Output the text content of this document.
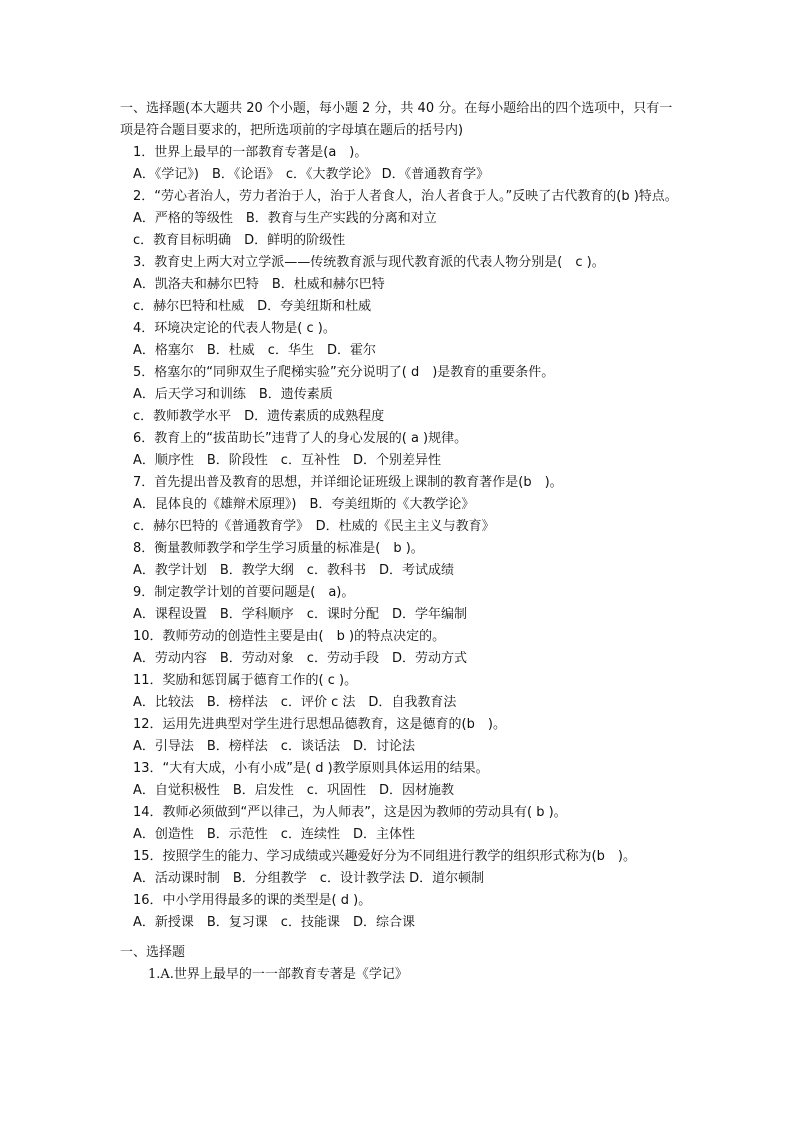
一、选择题(本大题共 20 个小题，每小题 2 分，共 40 分。在每小题给出的四个选项中，只有一项是符合题目要求的，把所选项前的字母填在题后的括号内)

1．世界上最早的一部教育专著是(a　)。

A．《学记》)　B．《论语》　c．《大教学论》 D．《普通教育学》

2．“劳心者治人，劳力者治于人，治于人者食人，治人者食于人。”反映了古代教育的(b )特点。

A．严格的等级性　B．教育与生产实践的分离和对立

c．教育目标明确　D．鲜明的阶级性

3．教育史上两大对立学派——传统教育派与现代教育派的代表人物分别是(　c )。

A．凯洛夫和赫尔巴特　B．杜威和赫尔巴特

c．赫尔巴特和杜威　D．夸美纽斯和杜威

4．环境决定论的代表人物是( c )。

A．格塞尔　B．杜威　c．华生　D．霍尔

5．格塞尔的“同卵双生子爬梯实验”充分说明了( d　)是教育的重要条件。

A．后天学习和训练　B．遗传素质

c．教师教学水平　D．遗传素质的成熟程度

6．教育上的“拔苗助长”违背了人的身心发展的( a )规律。

A．顺序性　B．阶段性　c．互补性　D．个别差异性

7．首先提出普及教育的思想，并详细论证班级上课制的教育著作是(b　)。

A．昆体良的《雄辩术原理》)　B．夸美纽斯的《大教学论》

c．赫尔巴特的《普通教育学》　D．杜威的《民主主义与教育》

8．衡量教师教学和学生学习质量的标准是(　b )。

A．教学计划　B．教学大纲　c．教科书　D．考试成绩

9．制定教学计划的首要问题是(　a)。

A．课程设置　B．学科顺序　c．课时分配　D．学年编制

10．教师劳动的创造性主要是由(　b )的特点决定的。

A．劳动内容　B．劳动对象　c．劳动手段　D．劳动方式

11．奖励和惩罚属于德育工作的( c )。

A．比较法　B．榜样法　c．评价 c 法　D．自我教育法

12．运用先进典型对学生进行思想品德教育，这是德育的(b　)。

A．引导法　B．榜样法　c．谈话法　D．讨论法

13．“大有大成，小有小成”是( d )教学原则具体运用的结果。

A．自觉积极性　B．启发性　c．巩固性　D．因材施教

14．教师必须做到“严以律己，为人师表”，这是因为教师的劳动具有( b )。

A．创造性　B．示范性　c．连续性　D．主体性

15．按照学生的能力、学习成绩或兴趣爱好分为不同组进行教学的组织形式称为(b　)。

A．活动课时制　B．分组教学　c．设计教学法 D．道尔顿制

16．中小学用得最多的课的类型是( d )。

A．新授课　B．复习课　c．技能课　D．综合课

一、选择题

1.A.世界上最早的一一部教育专著是《学记》
